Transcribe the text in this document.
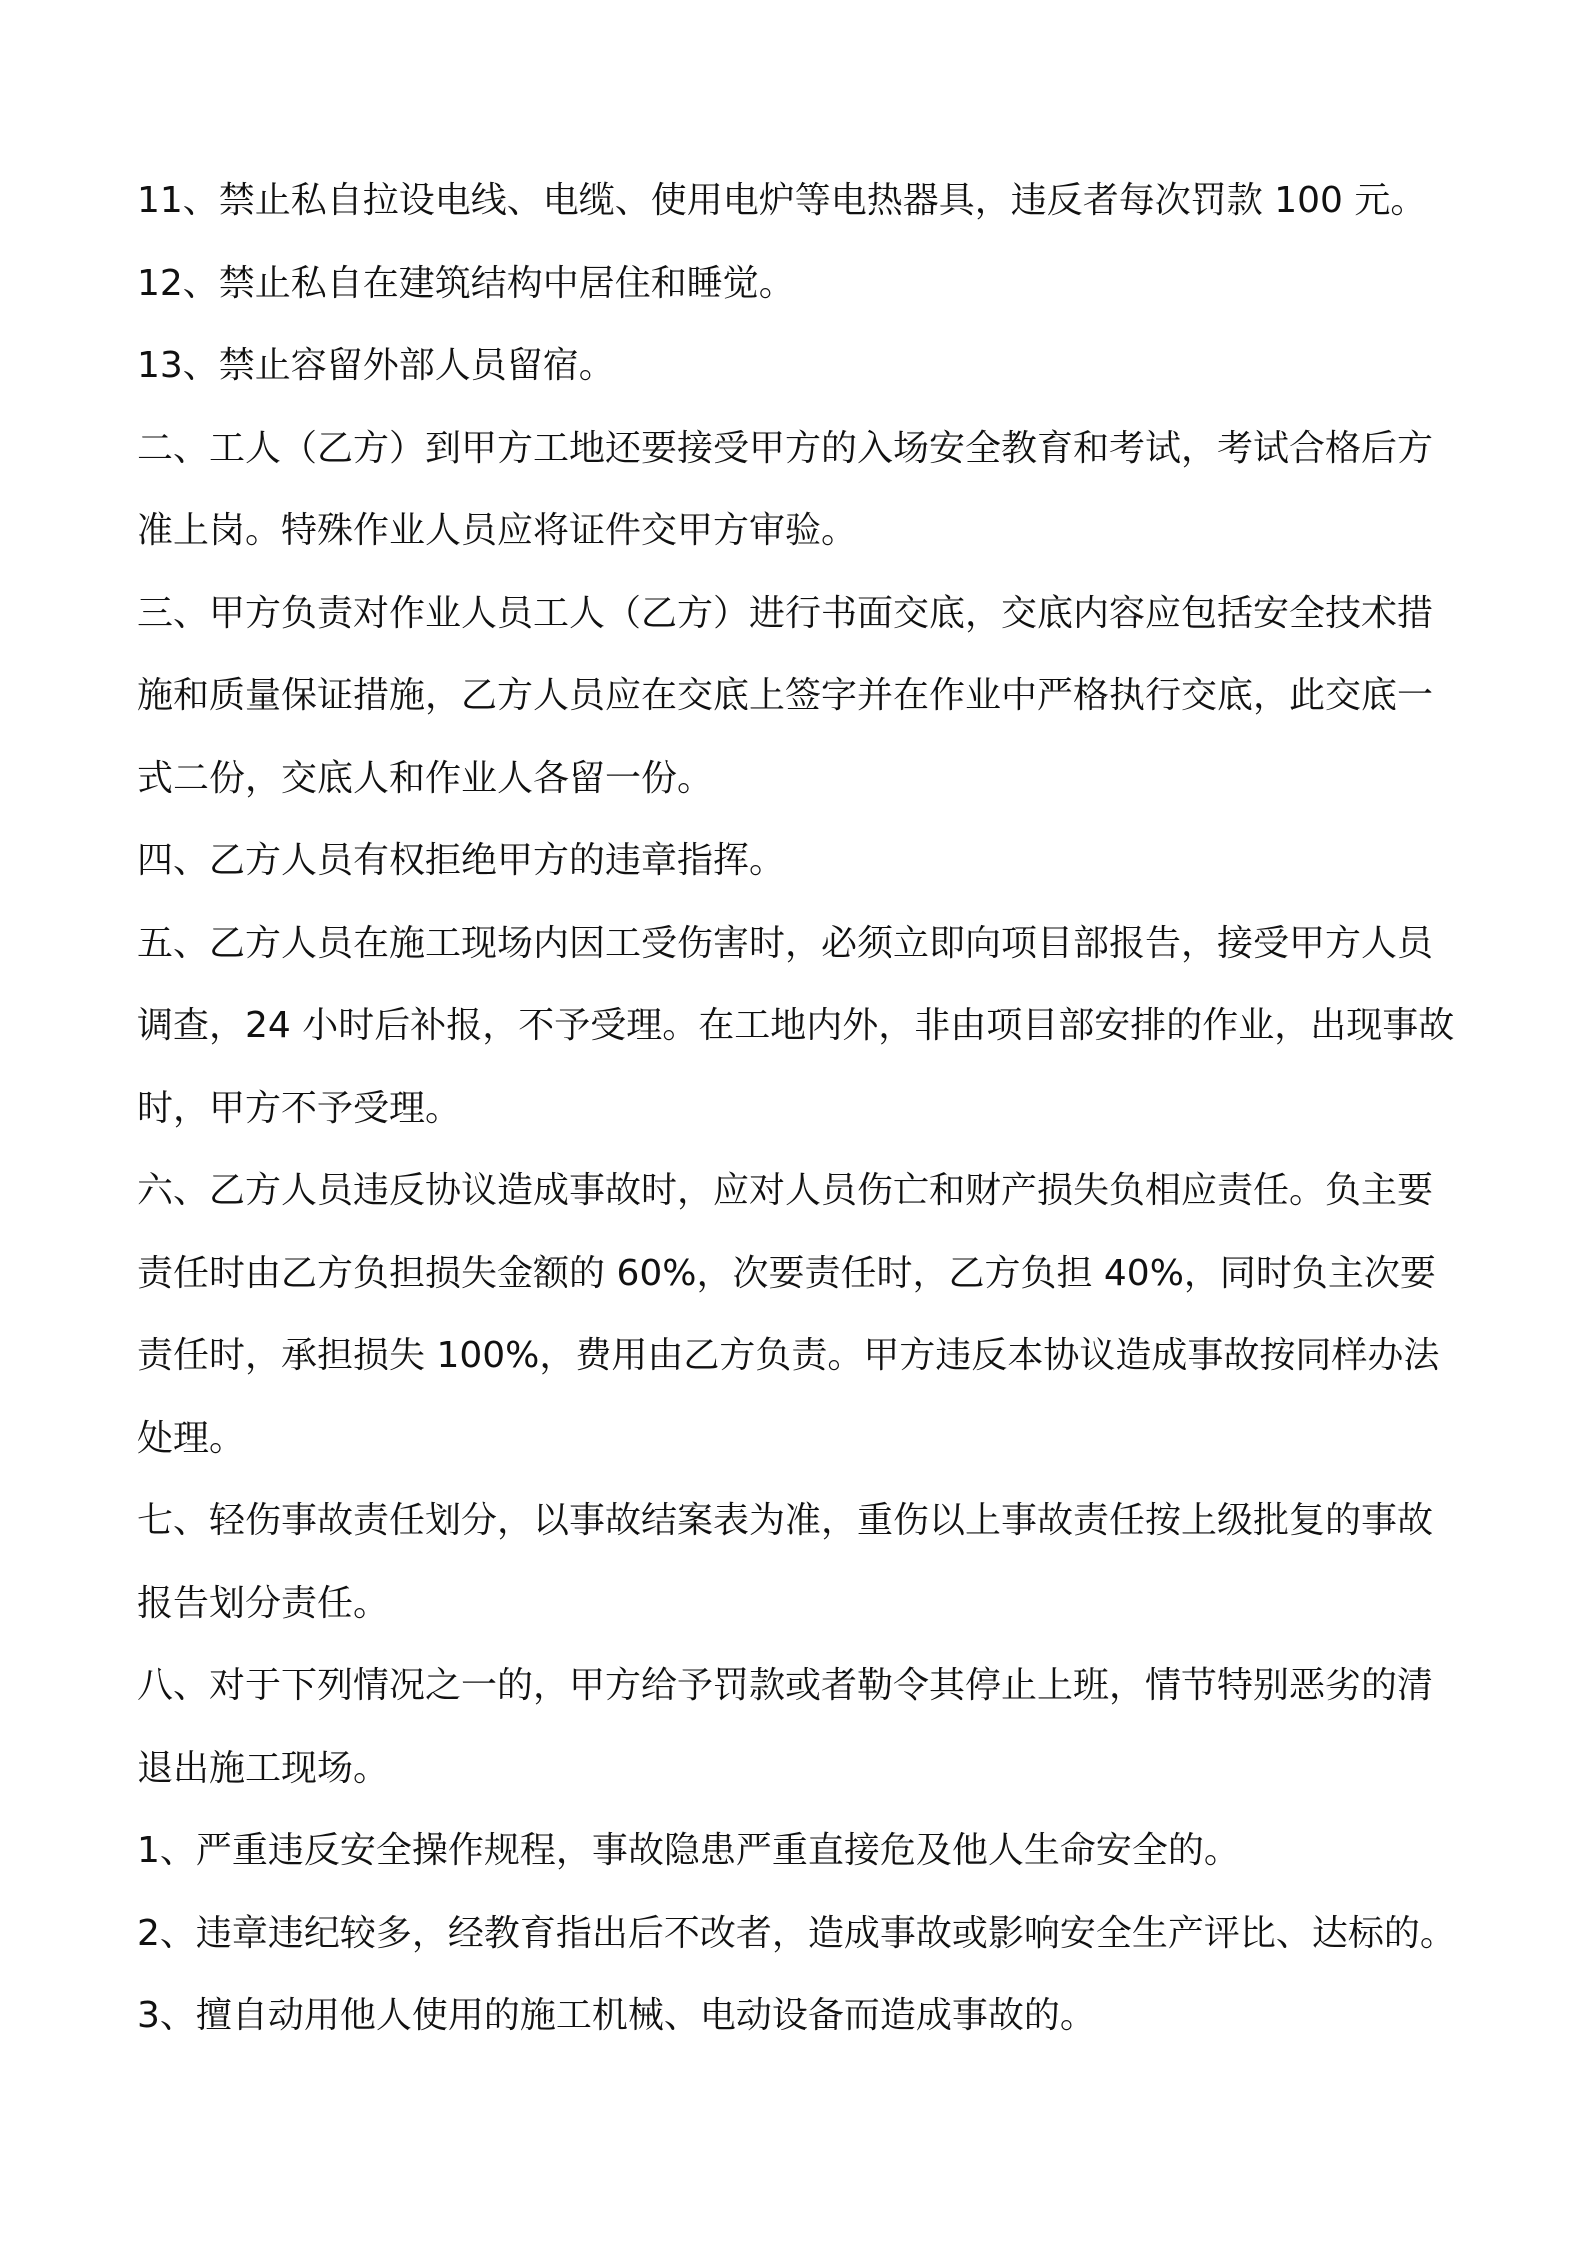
11、禁止私自拉设电线、电缆、使用电炉等电热器具，违反者每次罚款 100 元。

12、禁止私自在建筑结构中居住和睡觉。

13、禁止容留外部人员留宿。

二、工人（乙方）到甲方工地还要接受甲方的入场安全教育和考试，考试合格后方准上岗。特殊作业人员应将证件交甲方审验。

三、甲方负责对作业人员工人（乙方）进行书面交底，交底内容应包括安全技术措施和质量保证措施，乙方人员应在交底上签字并在作业中严格执行交底，此交底一式二份，交底人和作业人各留一份。

四、乙方人员有权拒绝甲方的违章指挥。

五、乙方人员在施工现场内因工受伤害时，必须立即向项目部报告，接受甲方人员调查，24 小时后补报，不予受理。在工地内外，非由项目部安排的作业，出现事故时，甲方不予受理。

六、乙方人员违反协议造成事故时，应对人员伤亡和财产损失负相应责任。负主要责任时由乙方负担损失金额的 60%，次要责任时，乙方负担 40%，同时负主次要责任时，承担损失 100%，费用由乙方负责。甲方违反本协议造成事故按同样办法处理。

七、轻伤事故责任划分，以事故结案表为准，重伤以上事故责任按上级批复的事故报告划分责任。

八、对于下列情况之一的，甲方给予罚款或者勒令其停止上班，情节特别恶劣的清退出施工现场。

1、严重违反安全操作规程，事故隐患严重直接危及他人生命安全的。

2、违章违纪较多，经教育指出后不改者，造成事故或影响安全生产评比、达标的。

3、擅自动用他人使用的施工机械、电动设备而造成事故的。
